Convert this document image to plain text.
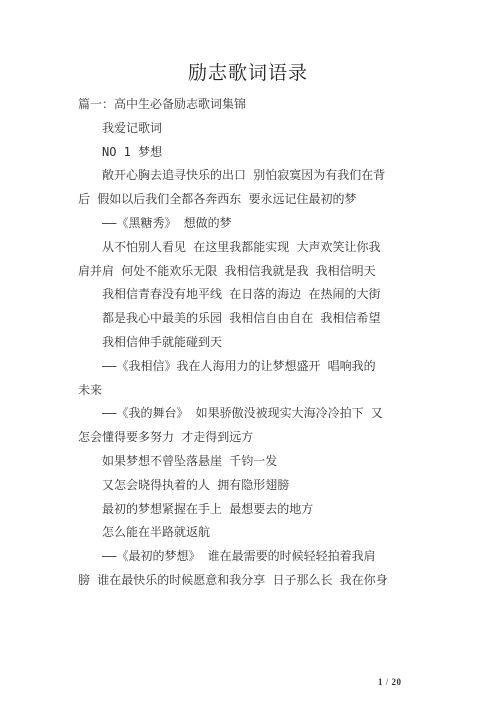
励志歌词语录
篇一：高中生必备励志歌词集锦
我爱记歌词
NO 1 梦想
敞开心胸去追寻快乐的出口 别怕寂寞因为有我们在背
后 假如以后我们全都各奔西东 要永远记住最初的梦
——《黑糖秀》 想做的梦
从不怕别人看见 在这里我都能实现 大声欢笑让你我
肩并肩 何处不能欢乐无限 我相信我就是我 我相信明天
我相信青春没有地平线 在日落的海边 在热闹的大街
都是我心中最美的乐园 我相信自由自在 我相信希望
我相信伸手就能碰到天
——《我相信》我在人海用力的让梦想盛开 唱响我的
未来
——《我的舞台》 如果骄傲没被现实大海冷冷拍下 又
怎会懂得要多努力 才走得到远方
如果梦想不曾坠落悬崖 千钧一发
又怎会晓得执着的人 拥有隐形翅膀
最初的梦想紧握在手上 最想要去的地方
怎么能在半路就返航
——《最初的梦想》 谁在最需要的时候轻轻拍着我肩
膀 谁在最快乐的时候愿意和我分享 日子那么长 我在你身
1 / 20
